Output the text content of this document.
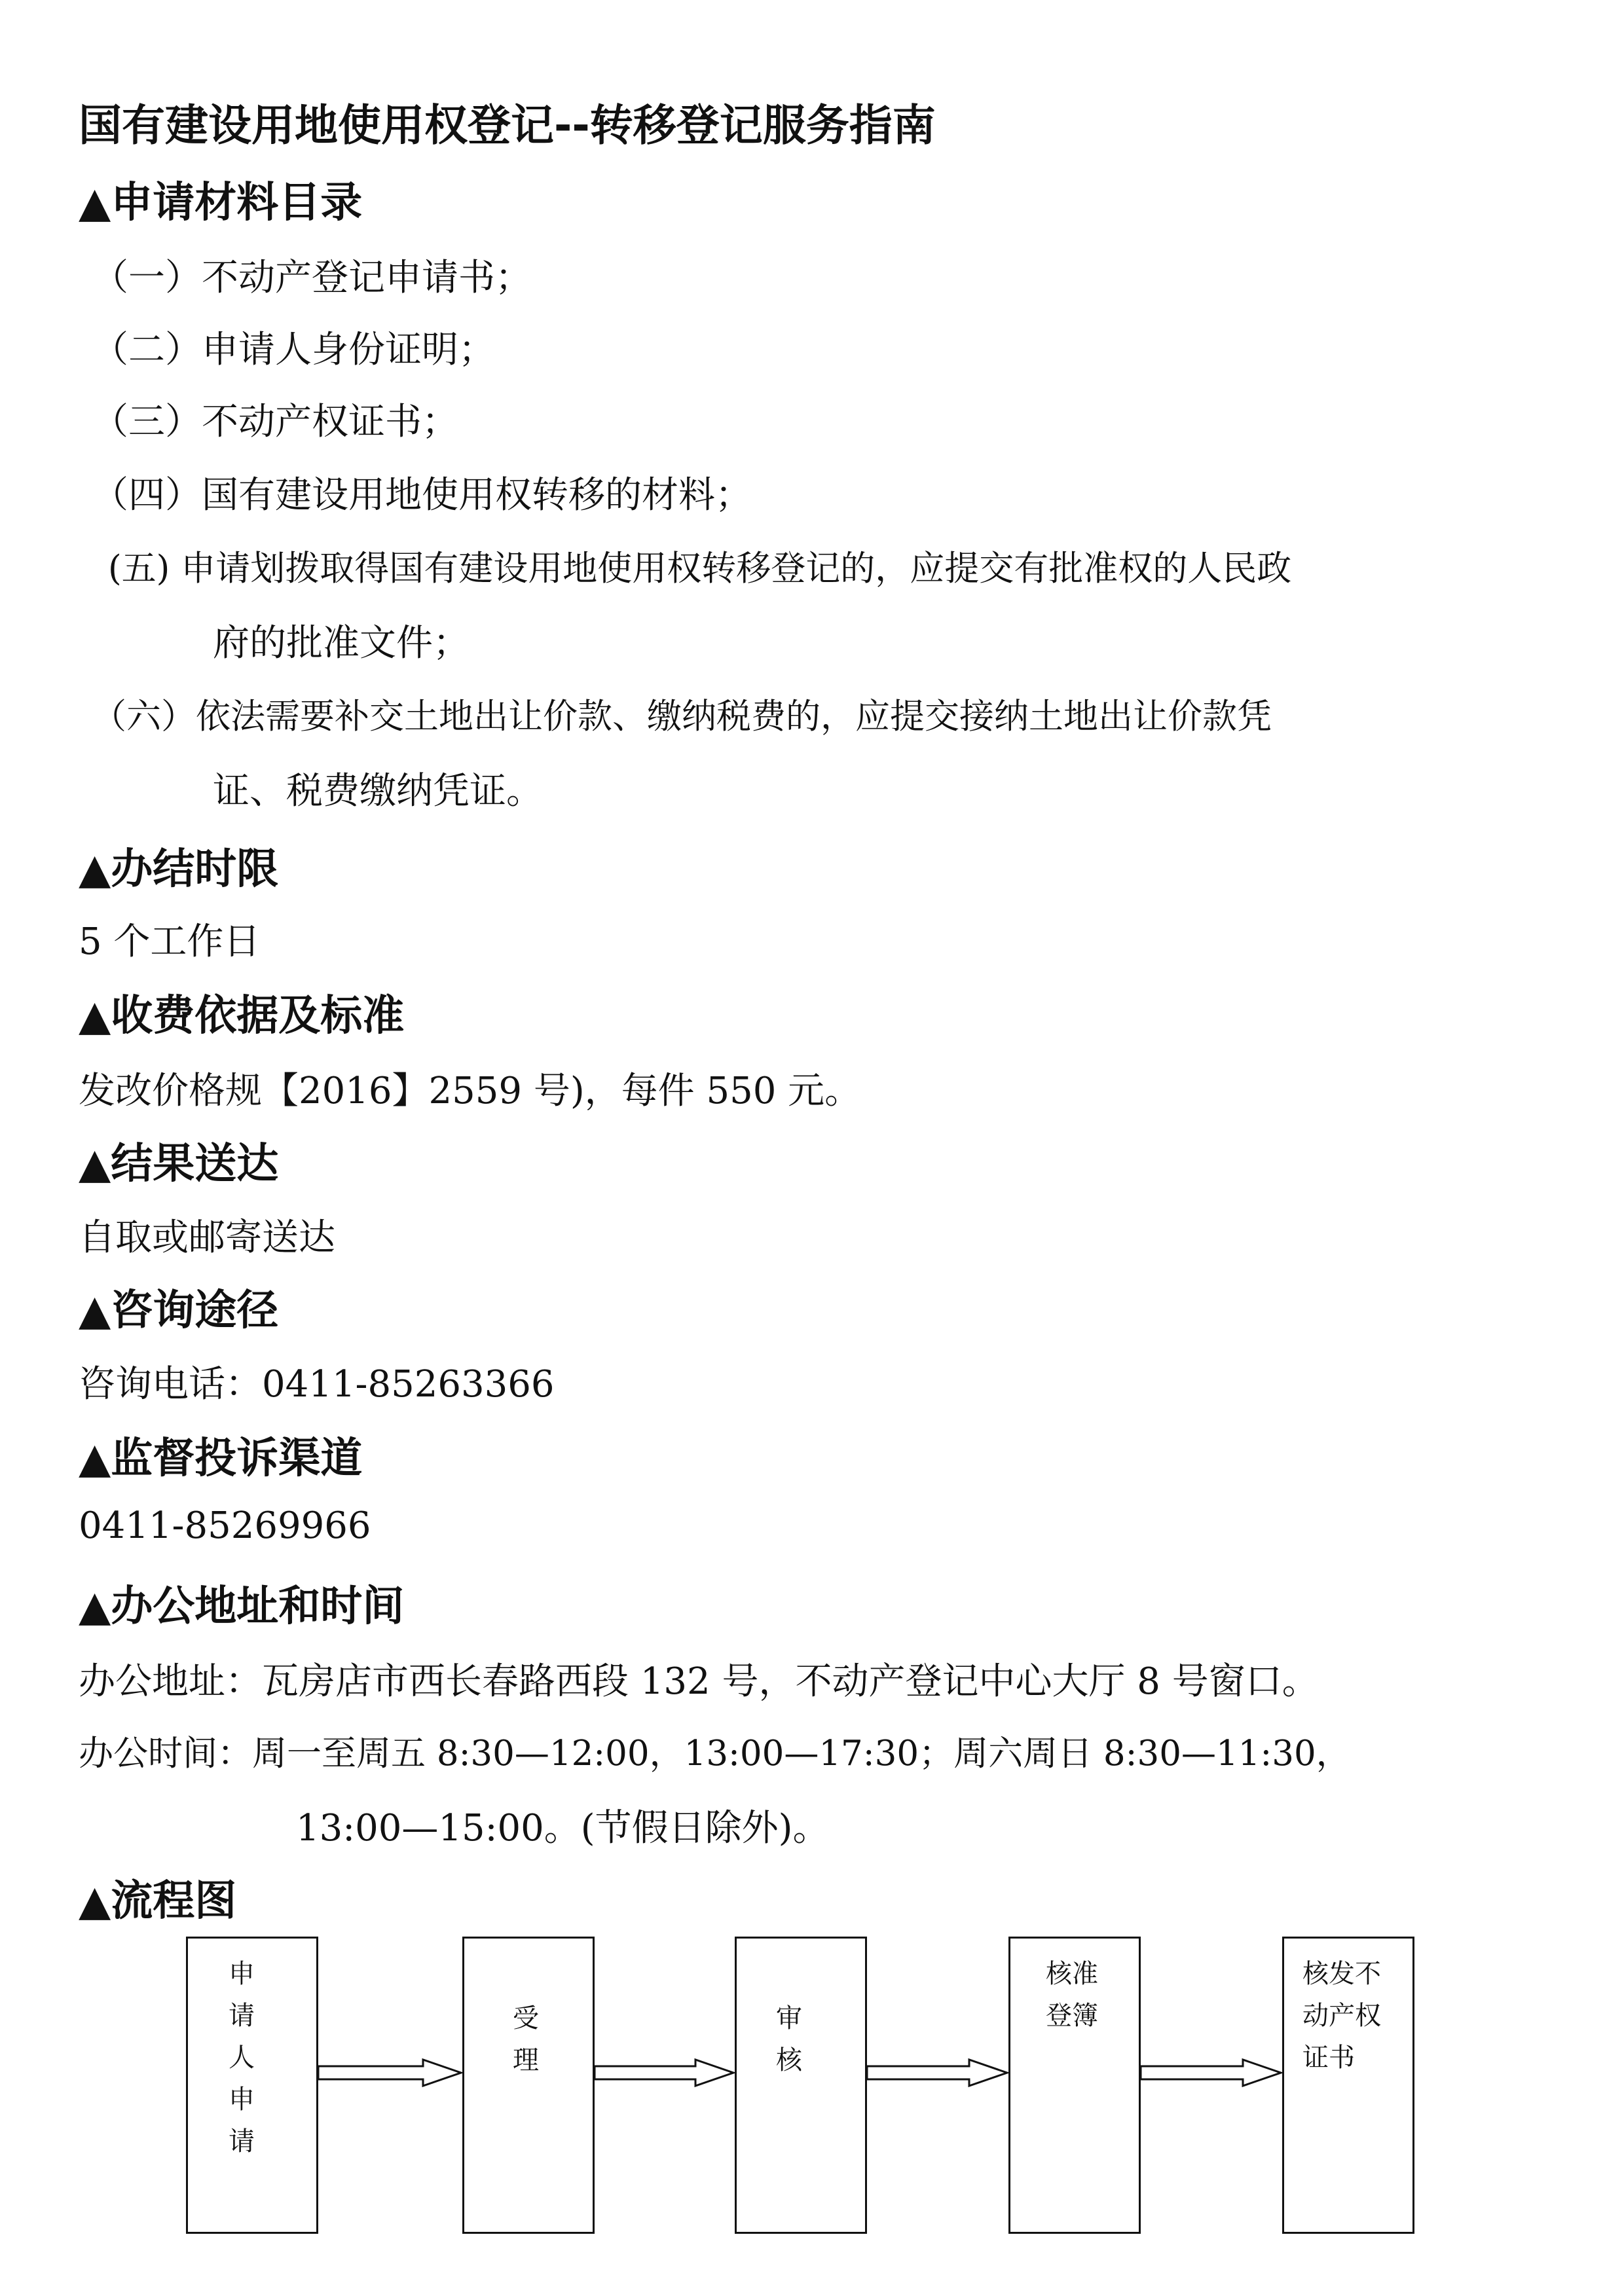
国有建设用地使用权登记--转移登记服务指南
▲申请材料目录
（一）不动产登记申请书；
（二）申请人身份证明；
（三）不动产权证书；
（四）国有建设用地使用权转移的材料；
(五) 申请划拨取得国有建设用地使用权转移登记的，应提交有批准权的人民政
府的批准文件；
（六）依法需要补交土地出让价款、缴纳税费的，应提交接纳土地出让价款凭
证、税费缴纳凭证。
▲办结时限
5 个工作日
▲收费依据及标准
发改价格规【2016】2559 号)，每件 550 元。
▲结果送达
自取或邮寄送达
▲咨询途径
咨询电话：0411-85263366
▲监督投诉渠道
0411-85269966
▲办公地址和时间
办公地址：瓦房店市西长春路西段 132 号，不动产登记中心大厅 8 号窗口。
办公时间：周一至周五 8:30—12:00，13:00—17:30；周六周日 8:30—11:30，
13:00—15:00。(节假日除外)。
▲流程图
申请人申请
受理
审核
核准登簿
核发不动产权证书
